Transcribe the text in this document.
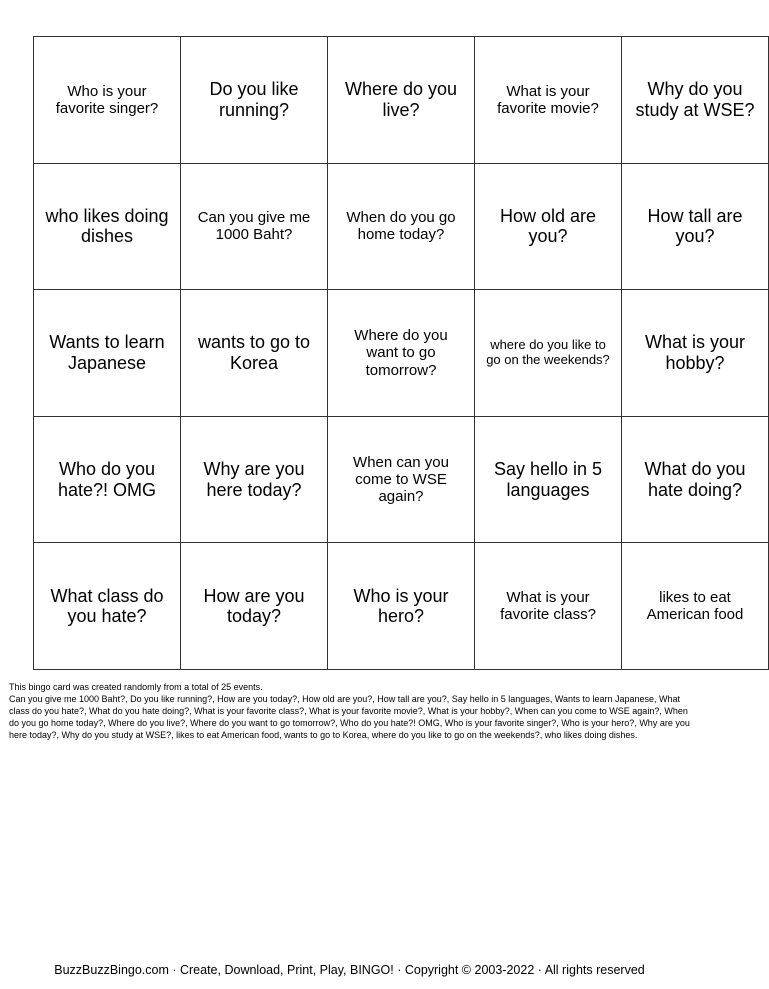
Who is your favorite singer?	Do you like running?	Where do you live?	What is your favorite movie?	Why do you study at WSE?
who likes doing dishes	Can you give me 1000 Baht?	When do you go home today?	How old are you?	How tall are you?
Wants to learn Japanese	wants to go to Korea	Where do you want to go tomorrow?	where do you like to go on the weekends?	What is your hobby?
Who do you hate?! OMG	Why are you here today?	When can you come to WSE again?	Say hello in 5 languages	What do you hate doing?
What class do you hate?	How are you today?	Who is your hero?	What is your favorite class?	likes to eat American food

This bingo card was created randomly from a total of 25 events.

Can you give me 1000 Baht?, Do you like running?, How are you today?, How old are you?, How tall are you?, Say hello in 5 languages, Wants to learn Japanese, What class do you hate?, What do you hate doing?, What is your favorite class?, What is your favorite movie?, What is your hobby?, When can you come to WSE again?, When do you go home today?, Where do you live?, Where do you want to go tomorrow?, Who do you hate?! OMG, Who is your favorite singer?, Who is your hero?, Why are you here today?, Why do you study at WSE?, likes to eat American food, wants to go to Korea, where do you like to go on the weekends?, who likes doing dishes.

BuzzBuzzBingo.com · Create, Download, Print, Play, BINGO! · Copyright © 2003-2022 · All rights reserved
